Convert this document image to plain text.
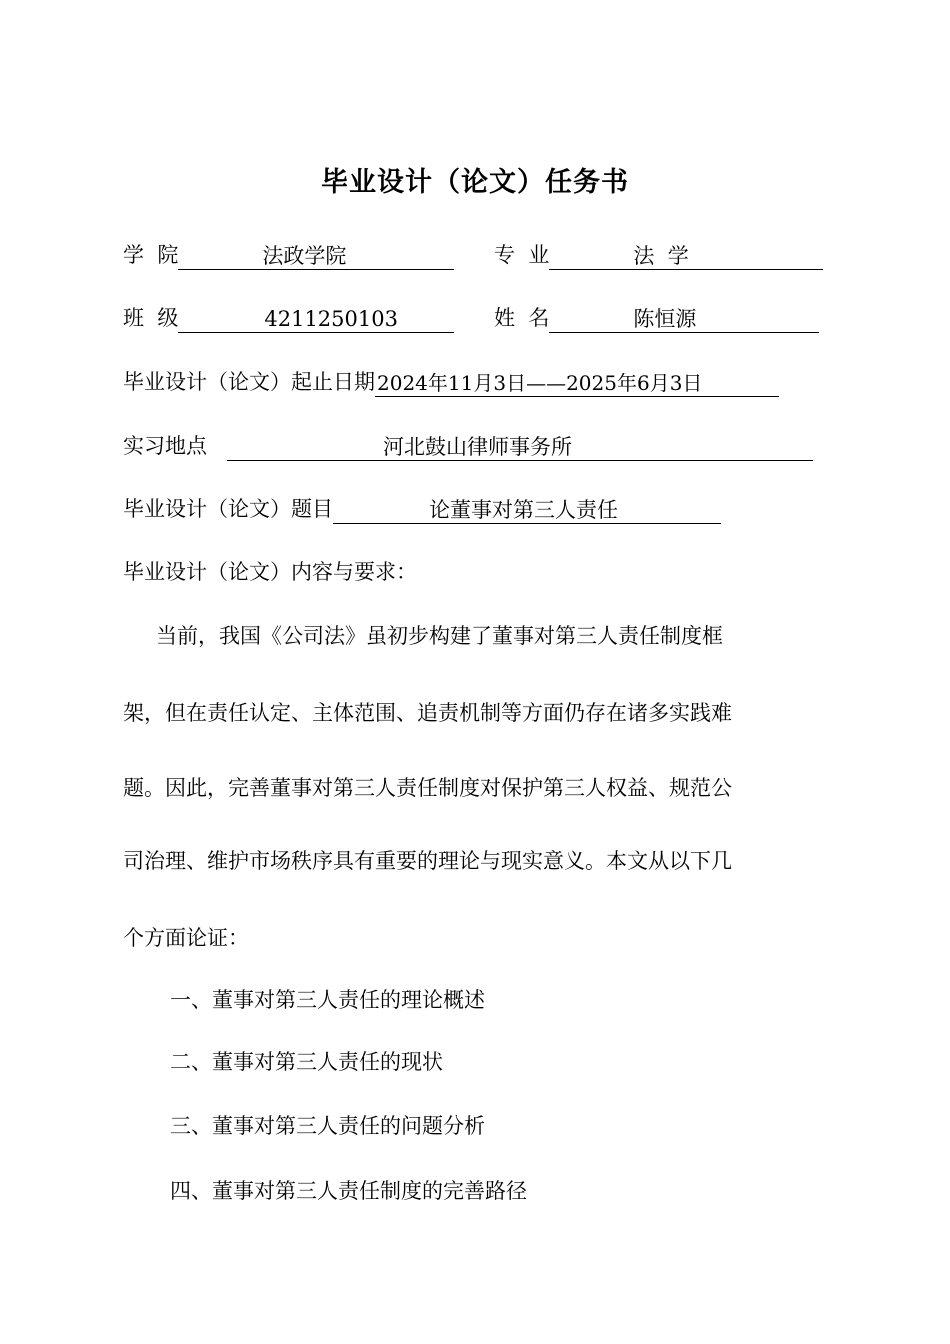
毕业设计（论文）任务书
学  院	法政学院	专  业	法  学
班  级	4211250103	姓  名	陈恒源
毕业设计（论文）起止日期 2024年11月3日——2025年6月3日
实习地点	河北鼓山律师事务所
毕业设计（论文）题目	论董事对第三人责任
毕业设计（论文）内容与要求：
当前，我国《公司法》虽初步构建了董事对第三人责任制度框
架，但在责任认定、主体范围、追责机制等方面仍存在诸多实践难
题。因此，完善董事对第三人责任制度对保护第三人权益、规范公
司治理、维护市场秩序具有重要的理论与现实意义。本文从以下几
个方面论证：
一、董事对第三人责任的理论概述
二、董事对第三人责任的现状
三、董事对第三人责任的问题分析
四、董事对第三人责任制度的完善路径
